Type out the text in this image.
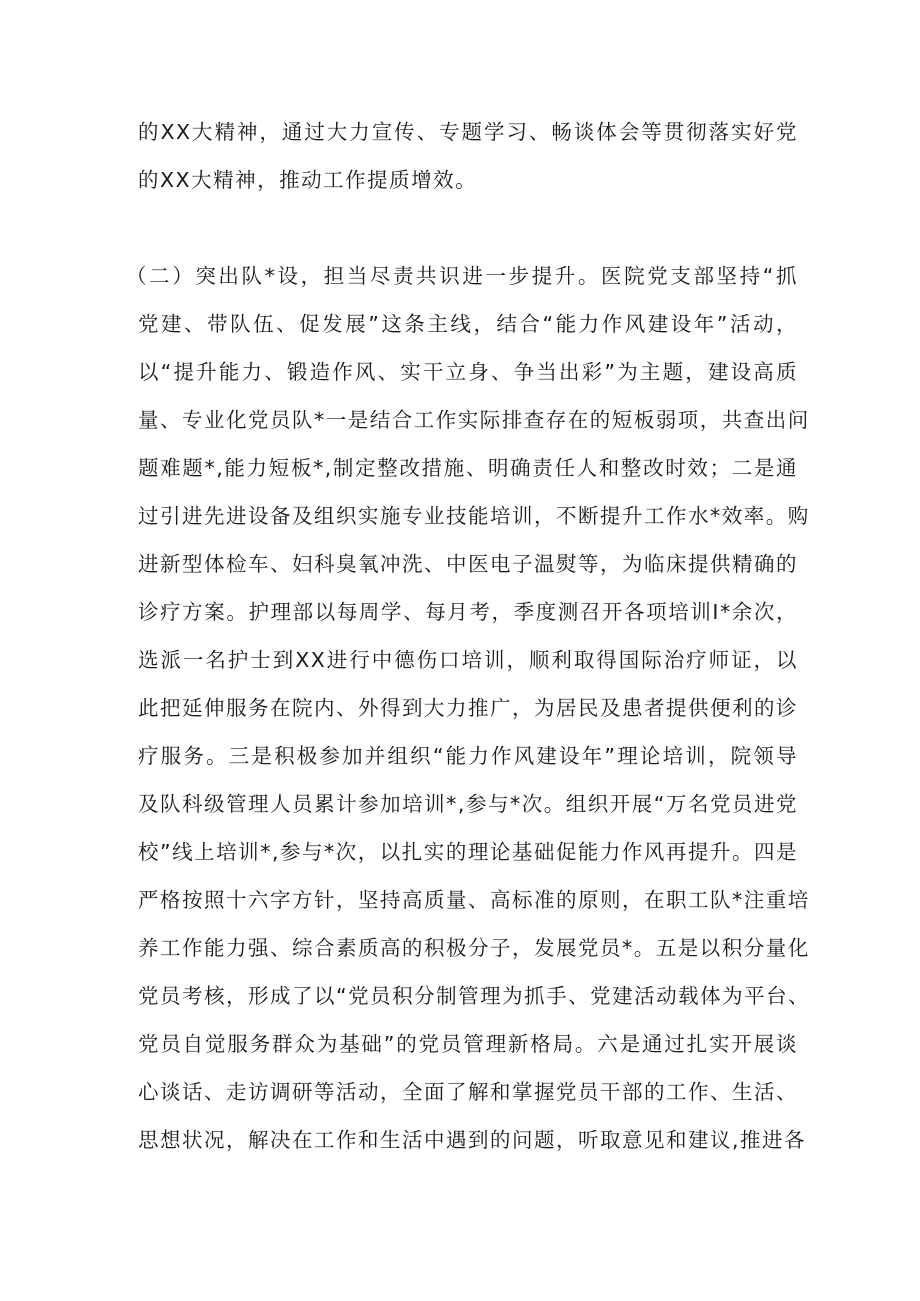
的XX大精神，通过大力宣传、专题学习、畅谈体会等贯彻落实好党
的XX大精神，推动工作提质增效。
（二）突出队*设，担当尽责共识进一步提升。医院党支部坚持“抓
党建、带队伍、促发展”这条主线，结合“能力作风建设年”活动，
以“提升能力、锻造作风、实干立身、争当出彩”为主题，建设高质
量、专业化党员队*一是结合工作实际排查存在的短板弱项，共查出问
题难题*,能力短板*,制定整改措施、明确责任人和整改时效；二是通
过引进先进设备及组织实施专业技能培训，不断提升工作水*效率。购
进新型体检车、妇科臭氧冲洗、中医电子温熨等，为临床提供精确的
诊疗方案。护理部以每周学、每月考，季度测召开各项培训I*余次，
选派一名护士到XX进行中德伤口培训，顺利取得国际治疗师证，以
此把延伸服务在院内、外得到大力推广，为居民及患者提供便利的诊
疗服务。三是积极参加并组织“能力作风建设年”理论培训，院领导
及队科级管理人员累计参加培训*,参与*次。组织开展“万名党员进党
校”线上培训*,参与*次，以扎实的理论基础促能力作风再提升。四是
严格按照十六字方针，坚持高质量、高标准的原则，在职工队*注重培
养工作能力强、综合素质高的积极分子，发展党员*。五是以积分量化
党员考核，形成了以“党员积分制管理为抓手、党建活动载体为平台、
党员自觉服务群众为基础”的党员管理新格局。六是通过扎实开展谈
心谈话、走访调研等活动，全面了解和掌握党员干部的工作、生活、
思想状况，解决在工作和生活中遇到的问题，听取意见和建议,推进各
